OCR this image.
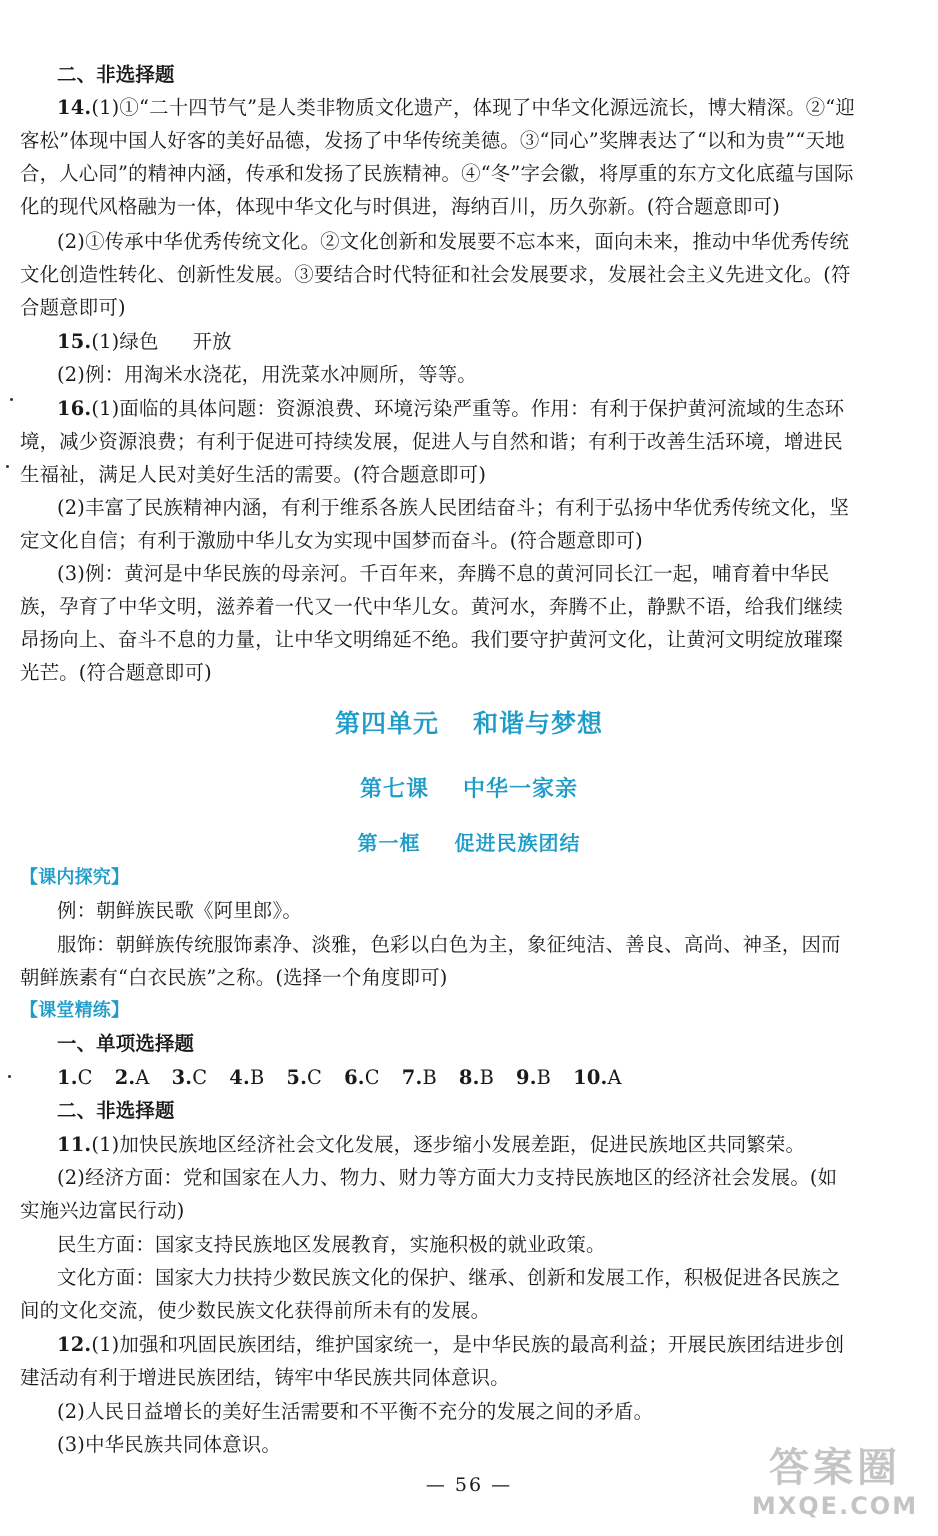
二、非选择题
14.(1)①“二十四节气”是人类非物质文化遗产，体现了中华文化源远流长，博大精深。②“迎
客松”体现中国人好客的美好品德，发扬了中华传统美德。③“同心”奖牌表达了“以和为贵”“天地
合，人心同”的精神内涵，传承和发扬了民族精神。④“冬”字会徽，将厚重的东方文化底蕴与国际
化的现代风格融为一体，体现中华文化与时俱进，海纳百川，历久弥新。(符合题意即可)
(2)①传承中华优秀传统文化。②文化创新和发展要不忘本来，面向未来，推动中华优秀传统
文化创造性转化、创新性发展。③要结合时代特征和社会发展要求，发展社会主义先进文化。(符
合题意即可)
15.(1)绿色 开放
(2)例：用淘米水浇花，用洗菜水冲厕所，等等。
16.(1)面临的具体问题：资源浪费、环境污染严重等。作用：有利于保护黄河流域的生态环
境，减少资源浪费；有利于促进可持续发展，促进人与自然和谐；有利于改善生活环境，增进民
生福祉，满足人民对美好生活的需要。(符合题意即可)
(2)丰富了民族精神内涵，有利于维系各族人民团结奋斗；有利于弘扬中华优秀传统文化，坚
定文化自信；有利于激励中华儿女为实现中国梦而奋斗。(符合题意即可)
(3)例：黄河是中华民族的母亲河。千百年来，奔腾不息的黄河同长江一起，哺育着中华民
族，孕育了中华文明，滋养着一代又一代中华儿女。黄河水，奔腾不止，静默不语，给我们继续
昂扬向上、奋斗不息的力量，让中华文明绵延不绝。我们要守护黄河文化，让黄河文明绽放璀璨
光芒。(符合题意即可)
第四单元 和谐与梦想
第七课 中华一家亲
第一框 促进民族团结
【课内探究】
例：朝鲜族民歌《阿里郎》。
服饰：朝鲜族传统服饰素净、淡雅，色彩以白色为主，象征纯洁、善良、高尚、神圣，因而
朝鲜族素有“白衣民族”之称。(选择一个角度即可)
【课堂精练】
一、单项选择题
1.C 2.A 3.C 4.B 5.C 6.C 7.B 8.B 9.B 10.A
二、非选择题
11.(1)加快民族地区经济社会文化发展，逐步缩小发展差距，促进民族地区共同繁荣。
(2)经济方面：党和国家在人力、物力、财力等方面大力支持民族地区的经济社会发展。(如
实施兴边富民行动)
民生方面：国家支持民族地区发展教育，实施积极的就业政策。
文化方面：国家大力扶持少数民族文化的保护、继承、创新和发展工作，积极促进各民族之
间的文化交流，使少数民族文化获得前所未有的发展。
12.(1)加强和巩固民族团结，维护国家统一，是中华民族的最高利益；开展民族团结进步创
建活动有利于增进民族团结，铸牢中华民族共同体意识。
(2)人民日益增长的美好生活需要和不平衡不充分的发展之间的矛盾。
(3)中华民族共同体意识。
— 56 —	答案圈
MXQE.COM
